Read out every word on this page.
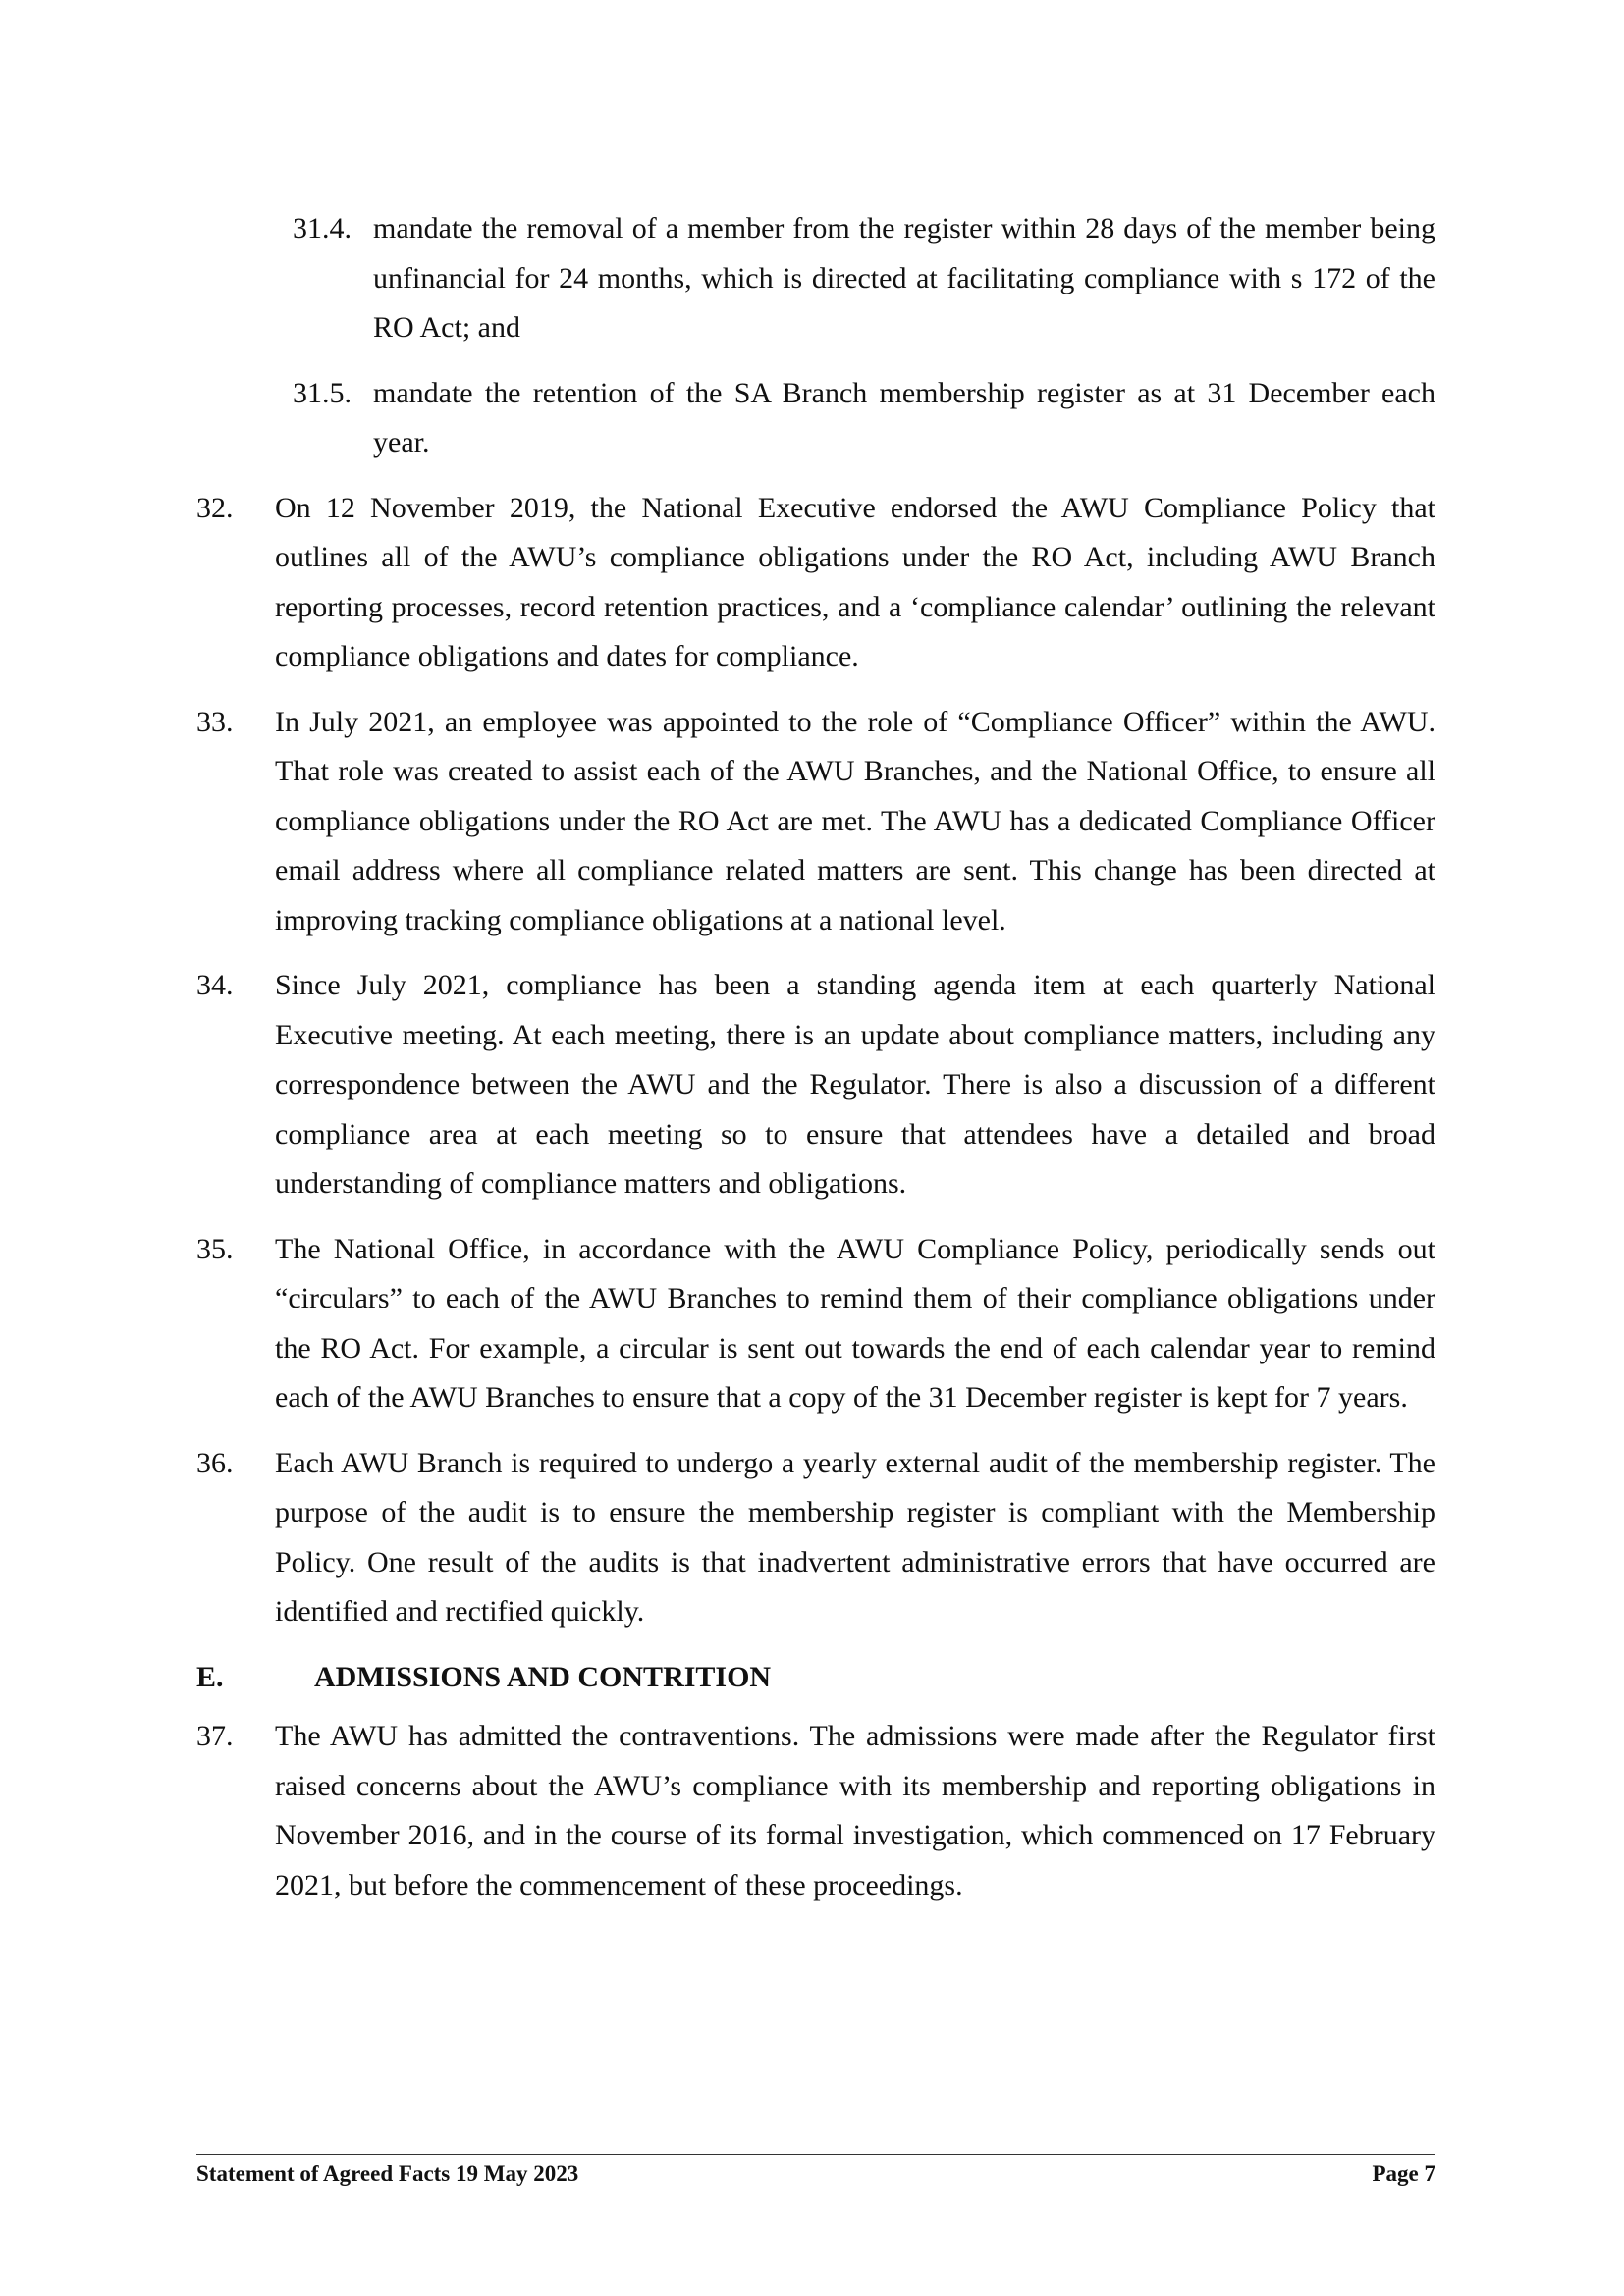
31.4. mandate the removal of a member from the register within 28 days of the member being unfinancial for 24 months, which is directed at facilitating compliance with s 172 of the RO Act; and
31.5. mandate the retention of the SA Branch membership register as at 31 December each year.
32. On 12 November 2019, the National Executive endorsed the AWU Compliance Policy that outlines all of the AWU’s compliance obligations under the RO Act, including AWU Branch reporting processes, record retention practices, and a ‘compliance calendar’ outlining the relevant compliance obligations and dates for compliance.
33. In July 2021, an employee was appointed to the role of “Compliance Officer” within the AWU. That role was created to assist each of the AWU Branches, and the National Office, to ensure all compliance obligations under the RO Act are met. The AWU has a dedicated Compliance Officer email address where all compliance related matters are sent. This change has been directed at improving tracking compliance obligations at a national level.
34. Since July 2021, compliance has been a standing agenda item at each quarterly National Executive meeting. At each meeting, there is an update about compliance matters, including any correspondence between the AWU and the Regulator. There is also a discussion of a different compliance area at each meeting so to ensure that attendees have a detailed and broad understanding of compliance matters and obligations.
35. The National Office, in accordance with the AWU Compliance Policy, periodically sends out “circulars” to each of the AWU Branches to remind them of their compliance obligations under the RO Act. For example, a circular is sent out towards the end of each calendar year to remind each of the AWU Branches to ensure that a copy of the 31 December register is kept for 7 years.
36. Each AWU Branch is required to undergo a yearly external audit of the membership register. The purpose of the audit is to ensure the membership register is compliant with the Membership Policy. One result of the audits is that inadvertent administrative errors that have occurred are identified and rectified quickly.
E.	ADMISSIONS AND CONTRITION
37. The AWU has admitted the contraventions. The admissions were made after the Regulator first raised concerns about the AWU’s compliance with its membership and reporting obligations in November 2016, and in the course of its formal investigation, which commenced on 17 February 2021, but before the commencement of these proceedings.
Statement of Agreed Facts 19 May 2023	Page 7
